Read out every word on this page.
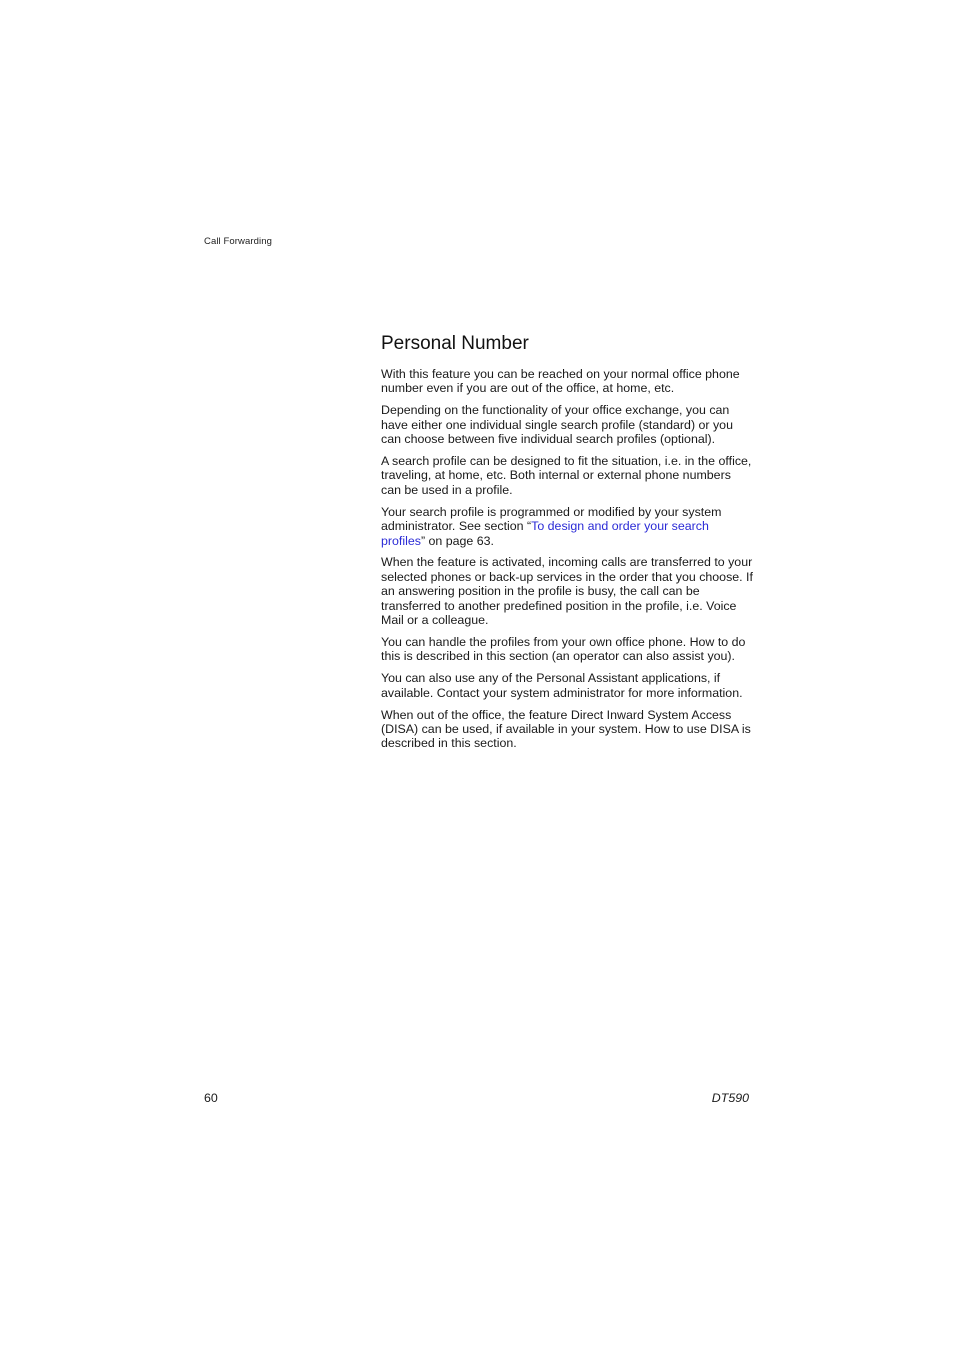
Call Forwarding
Personal Number

With this feature you can be reached on your normal office phone number even if you are out of the office, at home, etc.

Depending on the functionality of your office exchange, you can have either one individual single search profile (standard) or you can choose between five individual search profiles (optional).

A search profile can be designed to fit the situation, i.e. in the office, traveling, at home, etc. Both internal or external phone numbers can be used in a profile.

Your search profile is programmed or modified by your system administrator. See section “To design and order your search profiles” on page 63.

When the feature is activated, incoming calls are transferred to your selected phones or back-up services in the order that you choose. If an answering position in the profile is busy, the call can be transferred to another predefined position in the profile, i.e. Voice Mail or a colleague.

You can handle the profiles from your own office phone. How to do this is described in this section (an operator can also assist you).

You can also use any of the Personal Assistant applications, if available. Contact your system administrator for more information.

When out of the office, the feature Direct Inward System Access (DISA) can be used, if available in your system. How to use DISA is described in this section.

60	DT590
